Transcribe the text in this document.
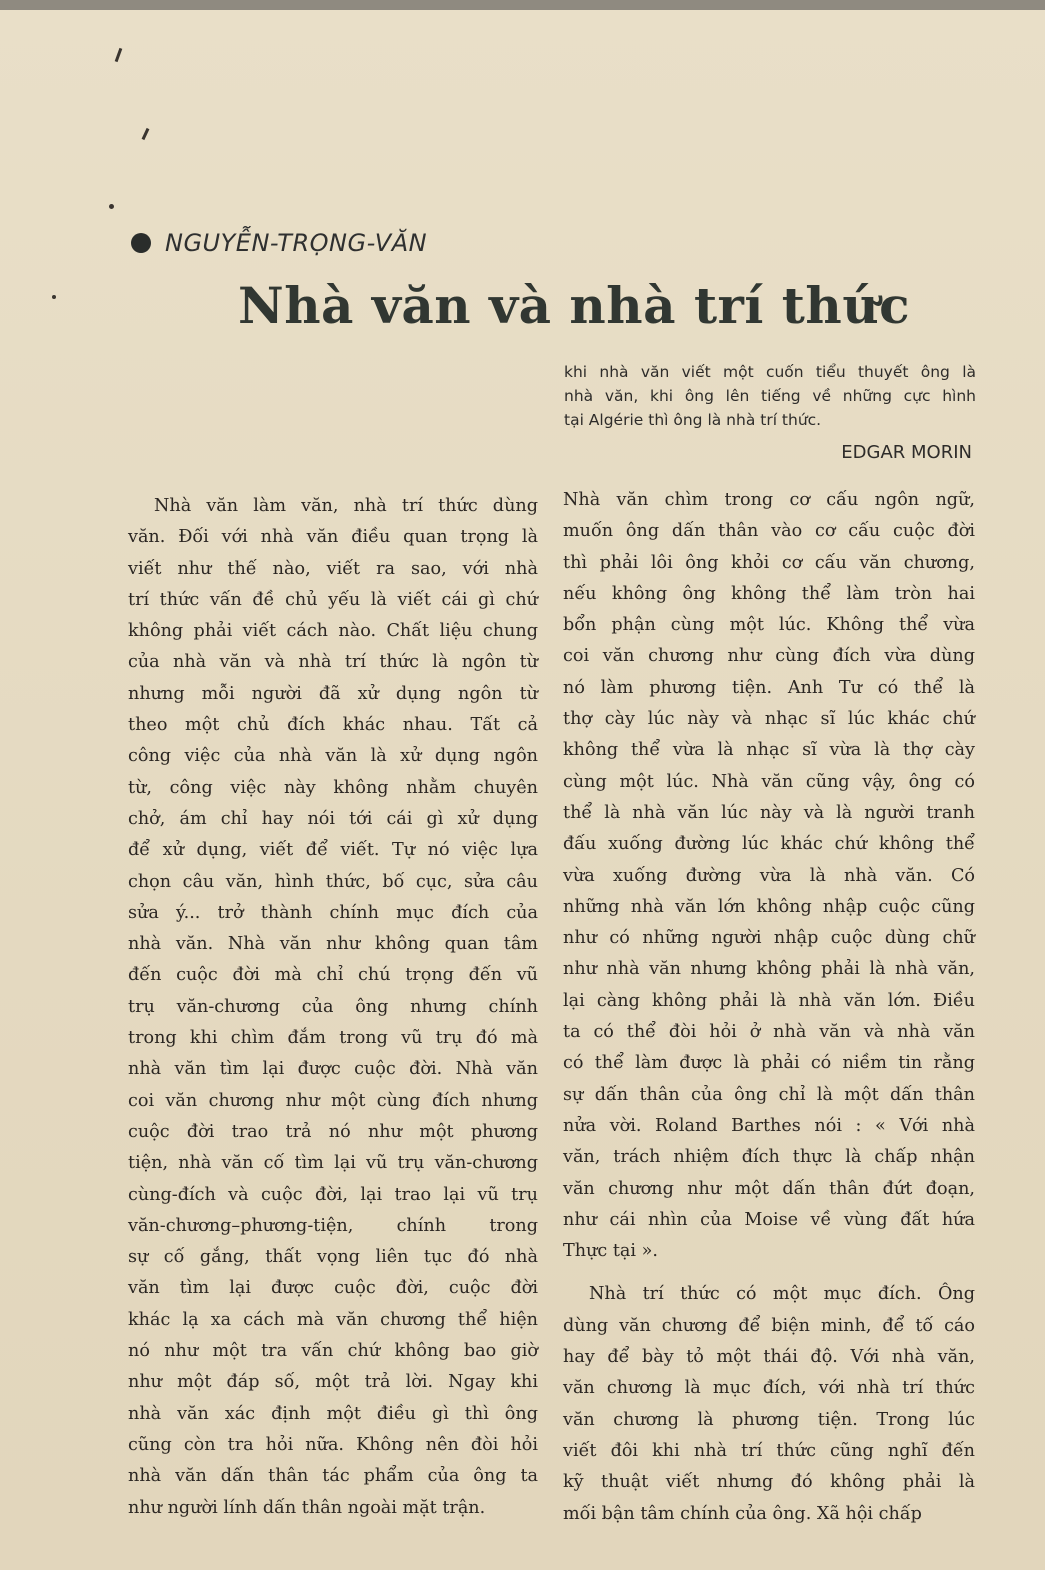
NGUYỄN-TRỌNG-VĂN
Nhà văn và nhà trí thức
khi nhà văn viết một cuốn tiểu thuyết ông là
nhà văn, khi ông lên tiếng về những cực hình
tại Algérie thì ông là nhà trí thức.
EDGAR MORIN
Nhà văn làm văn, nhà trí thức dùng
văn. Đối với nhà văn điều quan trọng là
viết như thế nào, viết ra sao, với nhà
trí thức vấn đề chủ yếu là viết cái gì chứ
không phải viết cách nào. Chất liệu chung
của nhà văn và nhà trí thức là ngôn từ
nhưng mỗi người đã xử dụng ngôn từ
theo một chủ đích khác nhau. Tất cả
công việc của nhà văn là xử dụng ngôn
từ, công việc này không nhằm chuyên
chở, ám chỉ hay nói tới cái gì xử dụng
để xử dụng, viết để viết. Tự nó việc lựa
chọn câu văn, hình thức, bố cục, sửa câu
sửa ý... trở thành chính mục đích của
nhà văn. Nhà văn như không quan tâm
đến cuộc đời mà chỉ chú trọng đến vũ
trụ văn-chương của ông nhưng chính
trong khi chìm đắm trong vũ trụ đó mà
nhà văn tìm lại được cuộc đời. Nhà văn
coi văn chương như một cùng đích nhưng
cuộc đời trao trả nó như một phương
tiện, nhà văn cố tìm lại vũ trụ văn-chương
cùng-đích và cuộc đời, lại trao lại vũ trụ
văn-chương–phương-tiện, chính trong
sự cố gắng, thất vọng liên tục đó nhà
văn tìm lại được cuộc đời, cuộc đời
khác lạ xa cách mà văn chương thể hiện
nó như một tra vấn chứ không bao giờ
như một đáp số, một trả lời. Ngay khi
nhà văn xác định một điều gì thì ông
cũng còn tra hỏi nữa. Không nên đòi hỏi
nhà văn dấn thân tác phẩm của ông ta
như người lính dấn thân ngoài mặt trận.
Nhà văn chìm trong cơ cấu ngôn ngữ,
muốn ông dấn thân vào cơ cấu cuộc đời
thì phải lôi ông khỏi cơ cấu văn chương,
nếu không ông không thể làm tròn hai
bổn phận cùng một lúc. Không thể vừa
coi văn chương như cùng đích vừa dùng
nó làm phương tiện. Anh Tư có thể là
thợ cày lúc này và nhạc sĩ lúc khác chứ
không thể vừa là nhạc sĩ vừa là thợ cày
cùng một lúc. Nhà văn cũng vậy, ông có
thể là nhà văn lúc này và là người tranh
đấu xuống đường lúc khác chứ không thể
vừa xuống đường vừa là nhà văn. Có
những nhà văn lớn không nhập cuộc cũng
như có những người nhập cuộc dùng chữ
như nhà văn nhưng không phải là nhà văn,
lại càng không phải là nhà văn lớn. Điều
ta có thể đòi hỏi ở nhà văn và nhà văn
có thể làm được là phải có niềm tin rằng
sự dấn thân của ông chỉ là một dấn thân
nửa vời. Roland Barthes nói : « Với nhà
văn, trách nhiệm đích thực là chấp nhận
văn chương như một dấn thân đứt đoạn,
như cái nhìn của Moise về vùng đất hứa
Thực tại ».
Nhà trí thức có một mục đích. Ông
dùng văn chương để biện minh, để tố cáo
hay để bày tỏ một thái độ. Với nhà văn,
văn chương là mục đích, với nhà trí thức
văn chương là phương tiện. Trong lúc
viết đôi khi nhà trí thức cũng nghĩ đến
kỹ thuật viết nhưng đó không phải là
mối bận tâm chính của ông. Xã hội chấp
